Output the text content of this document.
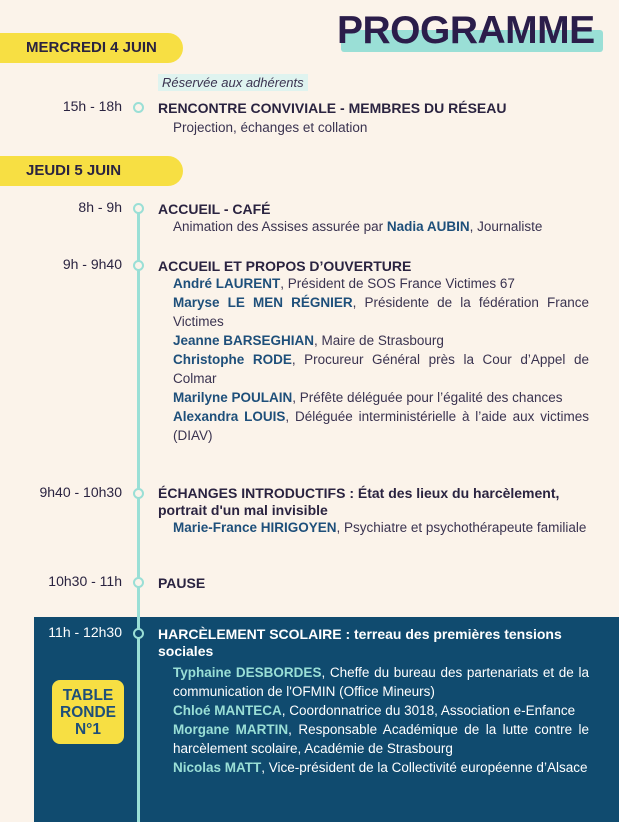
PROGRAMME
MERCREDI 4 JUIN
Réservée aux adhérents
15h - 18h	RENCONTRE CONVIVIALE - MEMBRES DU RÉSEAU
Projection, échanges et collation
JEUDI 5 JUIN
8h - 9h	ACCUEIL - CAFÉ
Animation des Assises assurée par Nadia AUBIN, Journaliste
9h - 9h40	ACCUEIL ET PROPOS D’OUVERTURE
André LAURENT, Président de SOS France Victimes 67
Maryse LE MEN RÉGNIER, Présidente de la fédération France Victimes
Jeanne BARSEGHIAN, Maire de Strasbourg
Christophe RODE, Procureur Général près la Cour d’Appel de Colmar
Marilyne POULAIN, Préfête déléguée pour l’égalité des chances
Alexandra LOUIS, Déléguée interministérielle à l’aide aux victimes (DIAV)
9h40 - 10h30	ÉCHANGES INTRODUCTIFS : État des lieux du harcèlement, portrait d'un mal invisible
Marie-France HIRIGOYEN, Psychiatre et psychothérapeute familiale
10h30 - 11h	PAUSE
11h - 12h30	HARCÈLEMENT SCOLAIRE : terreau des premières tensions sociales
TABLE
RONDE
N°1
Typhaine DESBORDES, Cheffe du bureau des partenariats et de la communication de l'OFMIN (Office Mineurs)
Chloé MANTECA, Coordonnatrice du 3018, Association e-Enfance
Morgane MARTIN, Responsable Académique de la lutte contre le harcèlement scolaire, Académie de Strasbourg
Nicolas MATT, Vice-président de la Collectivité européenne d’Alsace
